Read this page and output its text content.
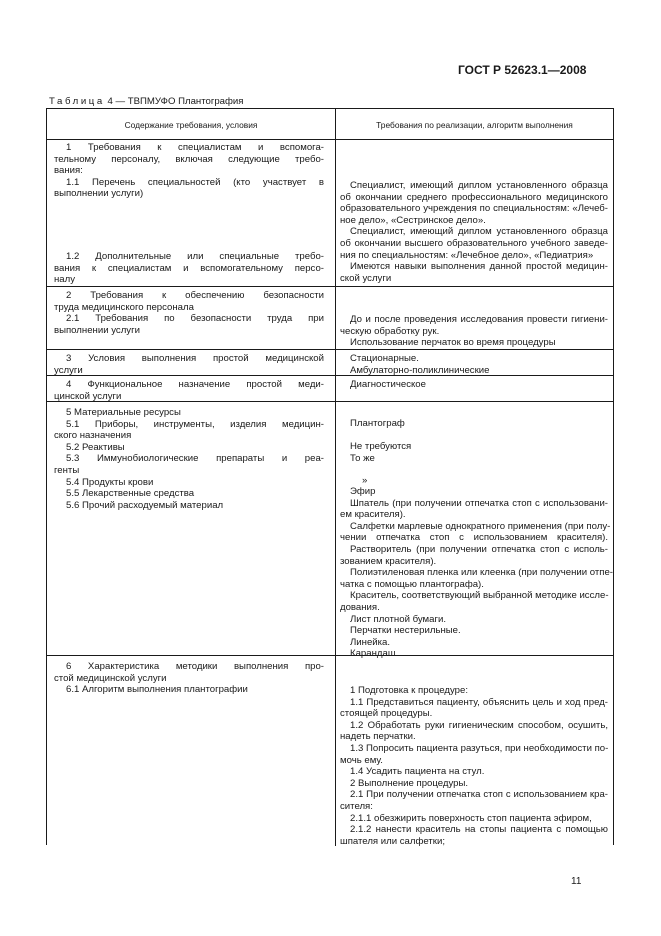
ГОСТ Р 52623.1—2008
Таблица 4 — ТВПМУФО Плантография
Содержание требования, условия	Требования по реализации, алгоритм выполнения
1 Требования к специалистам и вспомога-
тельному персоналу, включая следующие требо-
вания:
1.1 Перечень специальностей (кто участвует в
выполнении услуги)
1.2 Дополнительные или специальные требо-
вания к специалистам и вспомогательному персо-
налу
Специалист, имеющий диплом установленного образца
об окончании среднего профессионального медицинского
образовательного учреждения по специальностям: «Лечеб-
ное дело», «Сестринское дело».
Специалист, имеющий диплом установленного образца
об окончании высшего образовательного учебного заведе-
ния по специальностям: «Лечебное дело», «Педиатрия»
Имеются навыки выполнения данной простой медицин-
ской услуги
2 Требования к обеспечению безопасности
труда медицинского персонала
2.1 Требования по безопасности труда при
выполнении услуги
До и после проведения исследования провести гигиени-
ческую обработку рук.
Использование перчаток во время процедуры
3 Условия выполнения простой медицинской
услуги
Стационарные.
Амбулаторно-поликлинические
4 Функциональное назначение простой меди-
цинской услуги
Диагностическое
5 Материальные ресурсы
5.1 Приборы, инструменты, изделия медицин-
ского назначения
5.2 Реактивы
5.3 Иммунобиологические препараты и реа-
генты
5.4 Продукты крови
5.5 Лекарственные средства
5.6 Прочий расходуемый материал
Плантограф
Не требуются
То же
»
Эфир
Шпатель (при получении отпечатка стоп с использовани-
ем красителя).
Салфетки марлевые однократного применения (при полу-
чении отпечатка стоп с использованием красителя).
Растворитель (при получении отпечатка стоп с исполь-
зованием красителя).
Полиэтиленовая пленка или клеенка (при получении отпе-
чатка с помощью плантографа).
Краситель, соответствующий выбранной методике иссле-
дования.
Лист плотной бумаги.
Перчатки нестерильные.
Линейка.
Карандаш
6 Характеристика методики выполнения про-
стой медицинской услуги
6.1 Алгоритм выполнения плантографии	1 Подготовка к процедуре:
1.1 Представиться пациенту, объяснить цель и ход пред-
стоящей процедуры.
1.2 Обработать руки гигиеническим способом, осушить,
надеть перчатки.
1.3 Попросить пациента разуться, при необходимости по-
мочь ему.
1.4 Усадить пациента на стул.
2 Выполнение процедуры.
2.1 При получении отпечатка стоп с использованием кра-
сителя:
2.1.1 обезжирить поверхность стоп пациента эфиром,
2.1.2 нанести краситель на стопы пациента с помощью
шпателя или салфетки;
11
